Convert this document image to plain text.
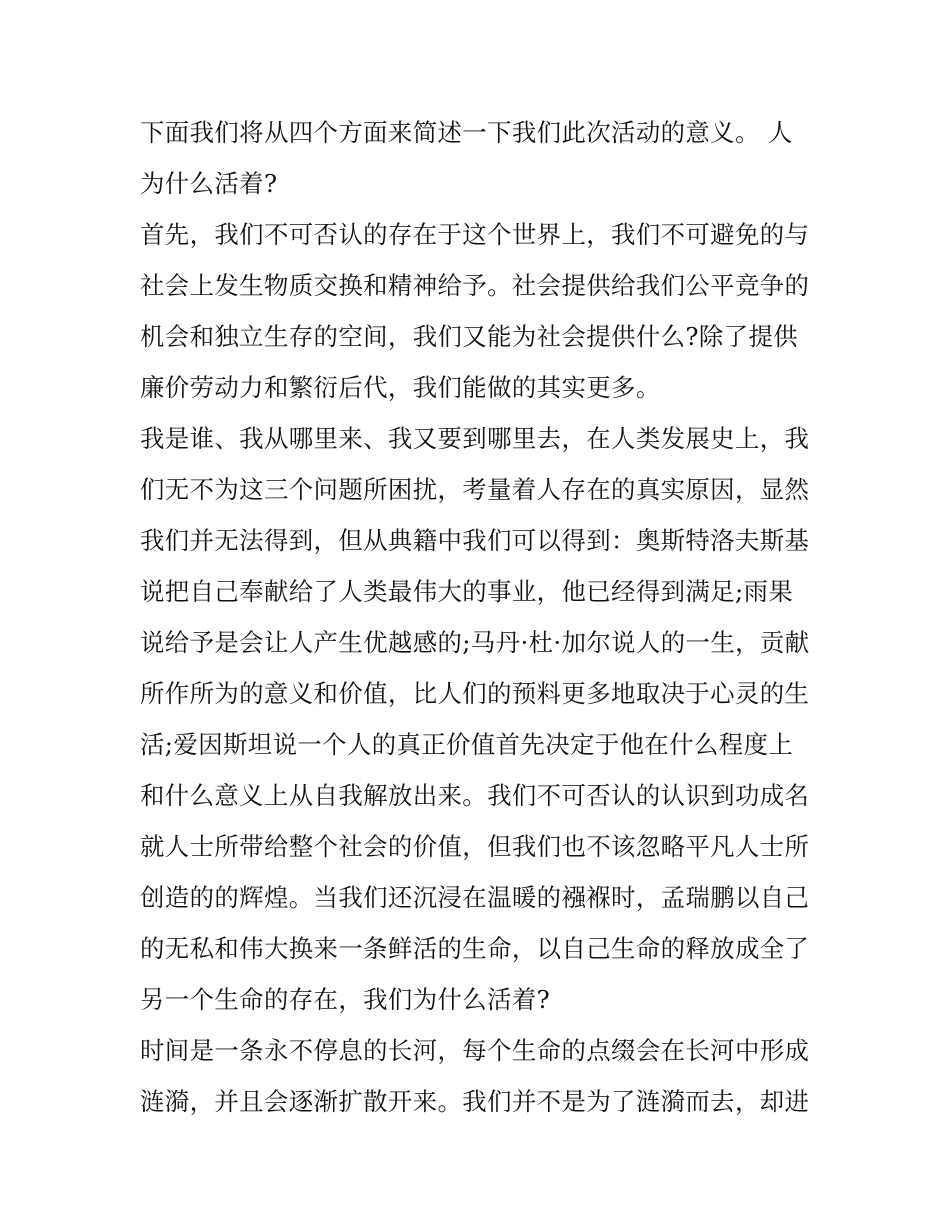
下面我们将从四个方面来简述一下我们此次活动的意义。 人
为什么活着?
首先，我们不可否认的存在于这个世界上，我们不可避免的与
社会上发生物质交换和精神给予。社会提供给我们公平竞争的
机会和独立生存的空间，我们又能为社会提供什么?除了提供
廉价劳动力和繁衍后代，我们能做的其实更多。
我是谁、我从哪里来、我又要到哪里去，在人类发展史上，我
们无不为这三个问题所困扰，考量着人存在的真实原因，显然
我们并无法得到，但从典籍中我们可以得到：奥斯特洛夫斯基
说把自己奉献给了人类最伟大的事业，他已经得到满足;雨果
说给予是会让人产生优越感的;马丹·杜·加尔说人的一生，贡献
所作所为的意义和价值，比人们的预料更多地取决于心灵的生
活;爱因斯坦说一个人的真正价值首先决定于他在什么程度上
和什么意义上从自我解放出来。我们不可否认的认识到功成名
就人士所带给整个社会的价值，但我们也不该忽略平凡人士所
创造的的辉煌。当我们还沉浸在温暖的襁褓时，孟瑞鹏以自己
的无私和伟大换来一条鲜活的生命，以自己生命的释放成全了
另一个生命的存在，我们为什么活着?
时间是一条永不停息的长河，每个生命的点缀会在长河中形成
涟漪，并且会逐渐扩散开来。我们并不是为了涟漪而去，却进
